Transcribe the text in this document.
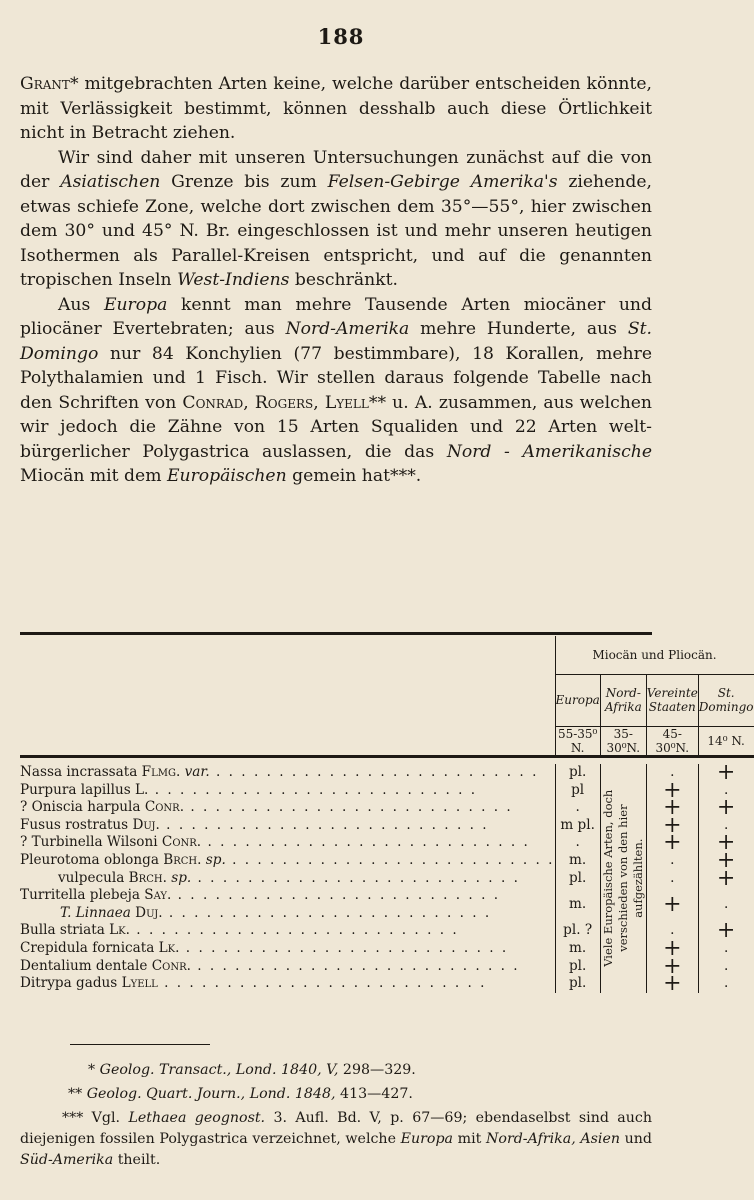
188

Grant* mitgebrachten Arten keine, welche darüber entscheiden könnte, mit Verlässigkeit bestimmt, können desshalb auch diese Örtlichkeit nicht in Betracht ziehen.

Wir sind daher mit unseren Untersuchungen zunächst auf die von der Asiatischen Grenze bis zum Felsen-Gebirge Amerika's ziehende, etwas schiefe Zone, welche dort zwischen dem 35°—55°, hier zwischen dem 30° und 45° N. Br. eingeschlossen ist und mehr unseren heutigen Isothermen als Parallel-Kreisen entspricht, und auf die genannten tropischen Inseln West-Indiens beschränkt.

Aus Europa kennt man mehre Tausende Arten miocäner und pliocäner Evertebraten; aus Nord-Amerika mehre Hunderte, aus St. Domingo nur 84 Konchylien (77 bestimmbare), 18 Korallen, mehre Polythalamien und 1 Fisch. Wir stellen daraus folgende Tabelle nach den Schriften von Conrad, Rogers, Lyell** u. A. zusammen, aus welchen wir jedoch die Zähne von 15 Arten Squaliden und 22 Arten welt-bürgerlicher Polygastrica auslassen, die das Nord - Amerikanische Miocän mit dem Europäischen gemein hat***.

	Miocän und Pliocän.			
	Europa	Nord-Afrika	Vereinte Staaten	St. Domingo
	55-35⁰ N.	35-30⁰N.	45-30⁰N.	14⁰ N.

Nassa incrassata Flmg. var. . . . . . . . . . . . . . . . . . . . . . . . . . .	pl.	Viele Europäische Arten, doch verschieden von den hier aufgezählten.	.	+
Purpura lapillus L. . . . . . . . . . . . . . . . . . . . . . . . . . .	pl		+	.
? Oniscia harpula Conr. . . . . . . . . . . . . . . . . . . . . . . . . . .	.		+	+
Fusus rostratus Duj. . . . . . . . . . . . . . . . . . . . . . . . . . .	m pl.		+	.
? Turbinella Wilsoni Conr. . . . . . . . . . . . . . . . . . . . . . . . . . .	.		+	+
Pleurotoma oblonga Brch. sp. . . . . . . . . . . . . . . . . . . . . . . . . . .	m.		.	+
vulpecula Brch. sp. . . . . . . . . . . . . . . . . . . . . . . . . . .	pl.		.	+
Turritella plebeja Say. . . . . . . . . . . . . . . . . . . . . . . . . . .	m.		+	.
T. Linnaea Duj. . . . . . . . . . . . . . . . . . . . . . . . . . .				
Bulla striata Lk. . . . . . . . . . . . . . . . . . . . . . . . . . .	pl. ?		.	+
Crepidula fornicata Lk. . . . . . . . . . . . . . . . . . . . . . . . . . .	m.		+	.
Dentalium dentale Conr. . . . . . . . . . . . . . . . . . . . . . . . . . .	pl.		+	.
Ditrypa gadus Lyell . . . . . . . . . . . . . . . . . . . . . . . . . .	pl.		+	.
* Geolog. Transact., Lond. 1840, V, 298—329.
** Geolog. Quart. Journ., Lond. 1848, 413—427.
*** Vgl. Lethaea geognost. 3. Aufl. Bd. V, p. 67—69; ebendaselbst sind auch diejenigen fossilen Polygastrica verzeichnet, welche Europa mit Nord-Afrika, Asien und Süd-Amerika theilt.
